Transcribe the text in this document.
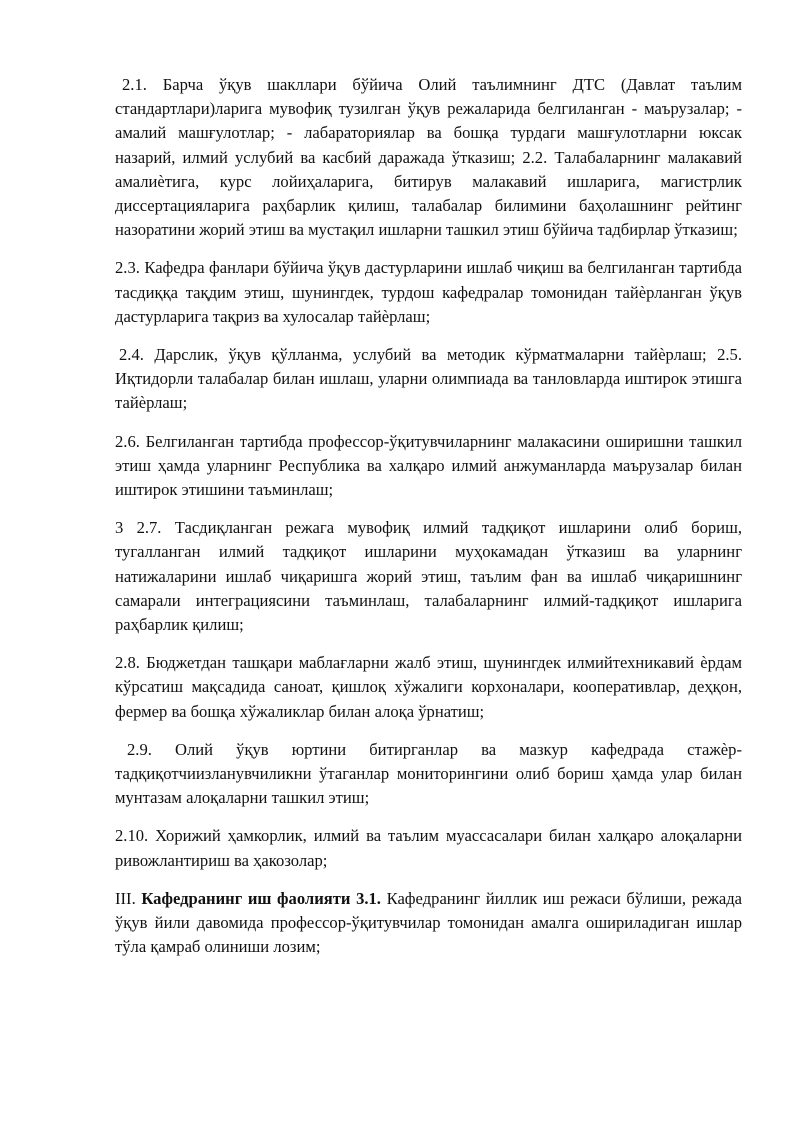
2.1. Барча ўқув шакллари бўйича Олий таълимнинг ДТС (Давлат таълим стандартлари)ларига мувофиқ тузилган ўқув режаларида белгиланган - маърузалар; - амалий машғулотлар; - лабараториялар ва бошқа турдаги машғулотларни юксак назарий, илмий услубий ва касбий даражада ўтказиш; 2.2. Талабаларнинг малакавий амалиѐтига, курс лойиҳаларига, битирув малакавий ишларига, магистрлик диссертацияларига раҳбарлик қилиш, талабалар билимини баҳолашнинг рейтинг назоратини жорий этиш ва мустақил ишларни ташкил этиш бўйича тадбирлар ўтказиш;

2.3. Кафедра фанлари бўйича ўқув дастурларини ишлаб чиқиш ва белгиланган тартибда тасдиққа тақдим этиш, шунингдек, турдош кафедралар томонидан тайѐрланган ўқув дастурларига тақриз ва хулосалар тайѐрлаш;

2.4. Дарслик, ўқув қўлланма, услубий ва методик кўрматмаларни тайѐрлаш; 2.5. Иқтидорли талабалар билан ишлаш, уларни олимпиада ва танловларда иштирок этишга тайѐрлаш;

2.6. Белгиланган тартибда профессор-ўқитувчиларнинг малакасини оширишни ташкил этиш ҳамда уларнинг Республика ва халқаро илмий анжуманларда маърузалар билан иштирок этишини таъминлаш;

3 2.7. Тасдиқланган режага мувофиқ илмий тадқиқот ишларини олиб бориш, тугалланган илмий тадқиқот ишларини муҳокамадан ўтказиш ва уларнинг натижаларини ишлаб чиқаришга жорий этиш, таълим фан ва ишлаб чиқаришнинг самарали интеграциясини таъминлаш, талабаларнинг илмий-тадқиқот ишларига раҳбарлик қилиш;

2.8. Бюджетдан ташқари маблағларни жалб этиш, шунингдек илмийтехникавий ѐрдам кўрсатиш мақсадида саноат, қишлоқ хўжалиги корхоналари, кооперативлар, деҳқон, фермер ва бошқа хўжаликлар билан алоқа ўрнатиш;

2.9. Олий ўқув юртини битирганлар ва мазкур кафедрада стажѐр-тадқиқотчиизланувчиликни ўтаганлар мониторингини олиб бориш ҳамда улар билан мунтазам алоқаларни ташкил этиш;

2.10. Хорижий ҳамкорлик, илмий ва таълим муассасалари билан халқаро алоқаларни ривожлантириш ва ҳакозолар;

III. Кафедранинг иш фаолияти 3.1. Кафедранинг йиллик иш режаси бўлиши, режада ўқув йили давомида профессор-ўқитувчилар томонидан амалга ошириладиган ишлар тўла қамраб олиниши лозим;
